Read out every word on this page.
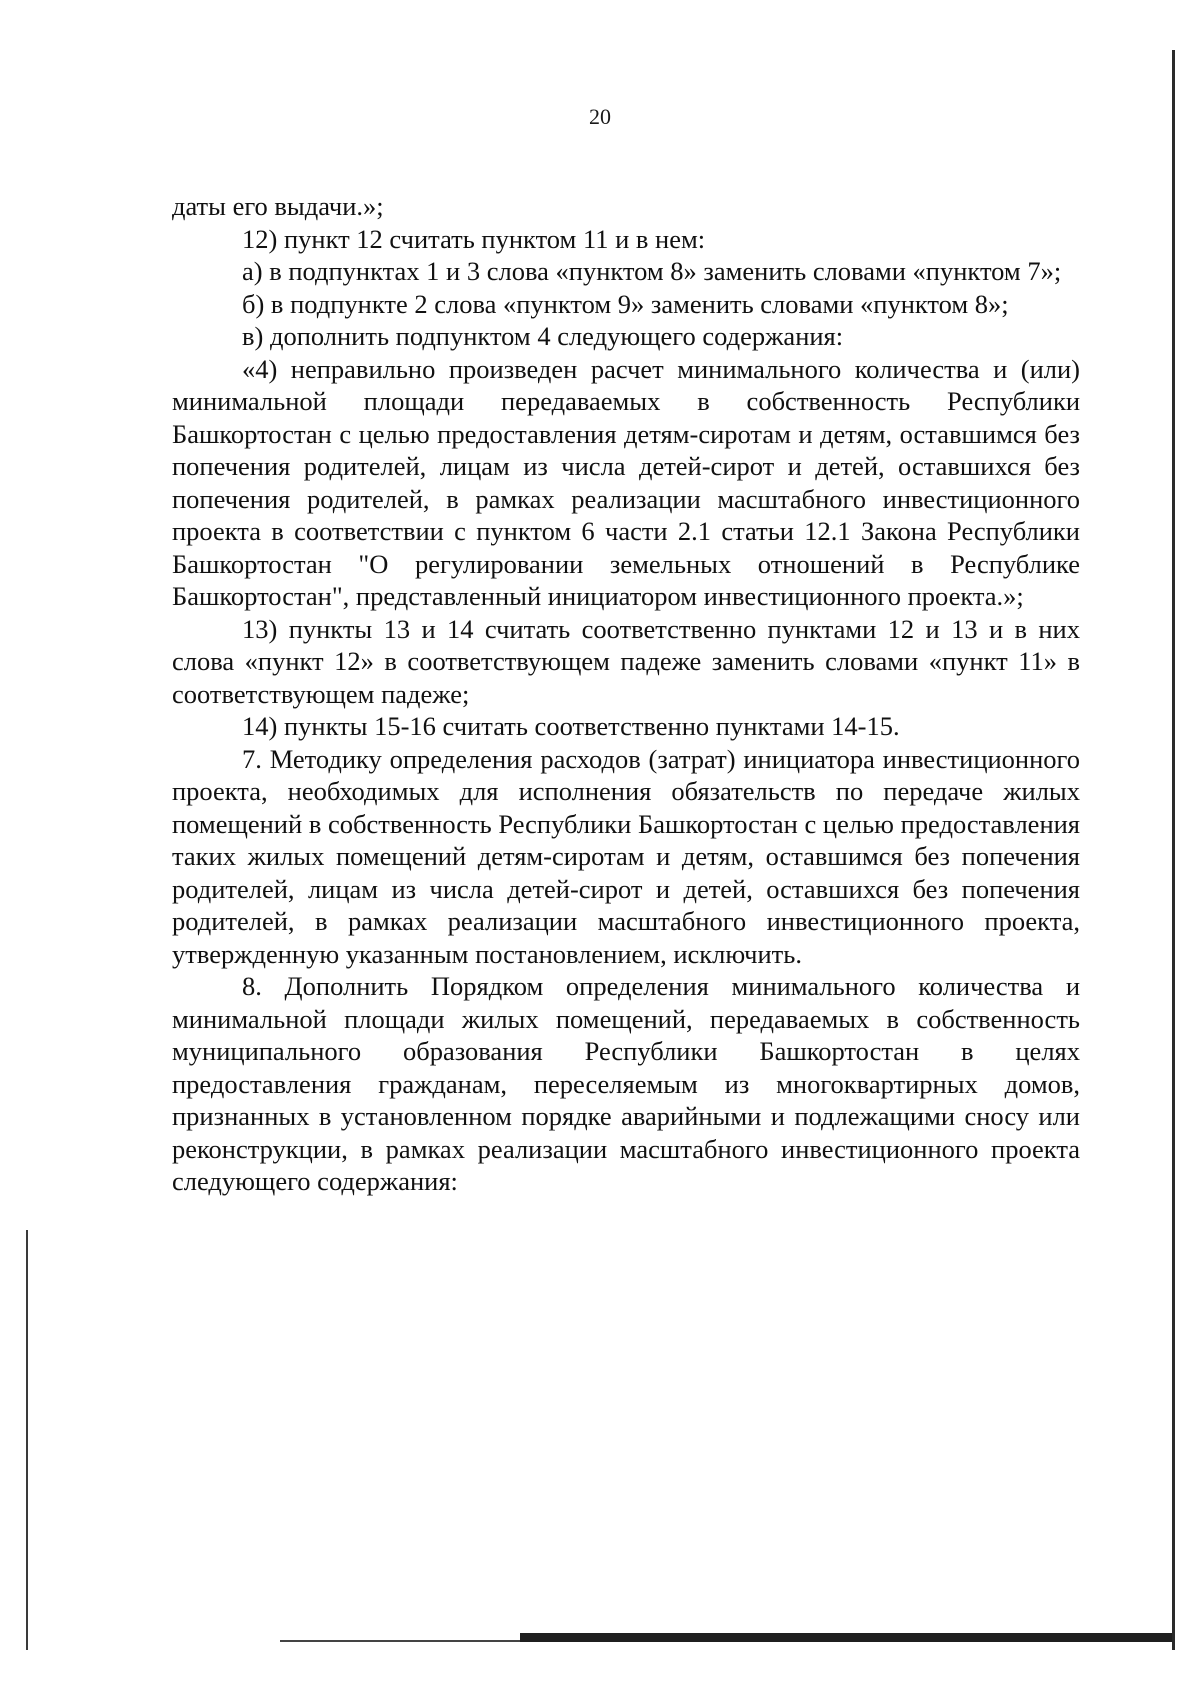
20

даты его выдачи.»;

12) пункт 12 считать пунктом 11 и в нем:

а) в подпунктах 1 и 3 слова «пунктом 8» заменить словами «пунктом 7»;

б) в подпункте 2 слова «пунктом 9» заменить словами «пунктом 8»;

в) дополнить подпунктом 4 следующего содержания:

«4) неправильно произведен расчет минимального количества и (или) минимальной площади передаваемых в собственность Республики Башкортостан с целью предоставления детям-сиротам и детям, оставшимся без попечения родителей, лицам из числа детей-сирот и детей, оставшихся без попечения родителей, в рамках реализации масштабного инвестиционного проекта в соответствии с пунктом 6 части 2.1 статьи 12.1 Закона Республики Башкортостан "О регулировании земельных отношений в Республике Башкортостан", представленный инициатором инвестиционного проекта.»;

13) пункты 13 и 14 считать соответственно пунктами 12 и 13 и в них слова «пункт 12» в соответствующем падеже заменить словами «пункт 11» в соответствующем падеже;

14) пункты 15-16 считать соответственно пунктами 14-15.

7. Методику определения расходов (затрат) инициатора инвестиционного проекта, необходимых для исполнения обязательств по передаче жилых помещений в собственность Республики Башкортостан с целью предоставления таких жилых помещений детям-сиротам и детям, оставшимся без попечения родителей, лицам из числа детей-сирот и детей, оставшихся без попечения родителей, в рамках реализации масштабного инвестиционного проекта, утвержденную указанным постановлением, исключить.

8. Дополнить Порядком определения минимального количества и минимальной площади жилых помещений, передаваемых в собственность муниципального образования Республики Башкортостан в целях предоставления гражданам, переселяемым из многоквартирных домов, признанных в установленном порядке аварийными и подлежащими сносу или реконструкции, в рамках реализации масштабного инвестиционного проекта следующего содержания:
